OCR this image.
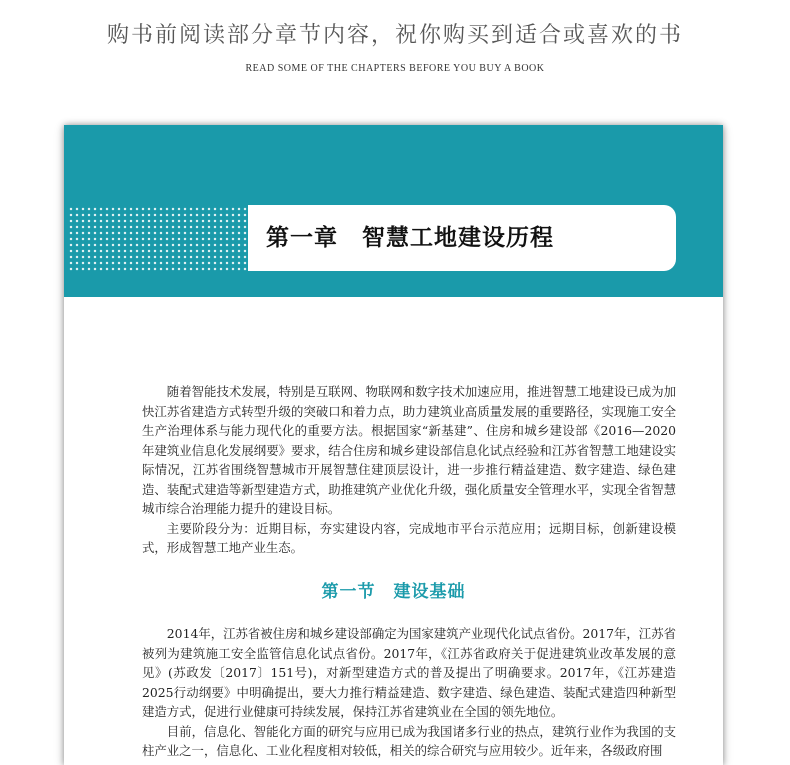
购书前阅读部分章节内容，祝你购买到适合或喜欢的书
READ SOME OF THE CHAPTERS BEFORE YOU BUY A BOOK
第一章　智慧工地建设历程

随着智能技术发展，特别是互联网、物联网和数字技术加速应用，推进智慧工地建设已成为加快江苏省建造方式转型升级的突破口和着力点，助力建筑业高质量发展的重要路径，实现施工安全生产治理体系与能力现代化的重要方法。根据国家“新基建”、住房和城乡建设部《2016—2020年建筑业信息化发展纲要》要求，结合住房和城乡建设部信息化试点经验和江苏省智慧工地建设实际情况，江苏省围绕智慧城市开展智慧住建顶层设计，进一步推行精益建造、数字建造、绿色建造、装配式建造等新型建造方式，助推建筑产业优化升级，强化质量安全管理水平，实现全省智慧城市综合治理能力提升的建设目标。

主要阶段分为：近期目标，夯实建设内容，完成地市平台示范应用；远期目标，创新建设模式，形成智慧工地产业生态。

第一节　建设基础

2014年，江苏省被住房和城乡建设部确定为国家建筑产业现代化试点省份。2017年，江苏省被列为建筑施工安全监管信息化试点省份。2017年，《江苏省政府关于促进建筑业改革发展的意见》(苏政发〔2017〕151号)，对新型建造方式的普及提出了明确要求。2017年，《江苏建造2025行动纲要》中明确提出，要大力推行精益建造、数字建造、绿色建造、装配式建造四种新型建造方式，促进行业健康可持续发展，保持江苏省建筑业在全国的领先地位。

目前，信息化、智能化方面的研究与应用已成为我国诸多行业的热点，建筑行业作为我国的支柱产业之一，信息化、工业化程度相对较低，相关的综合研究与应用较少。近年来，各级政府围
